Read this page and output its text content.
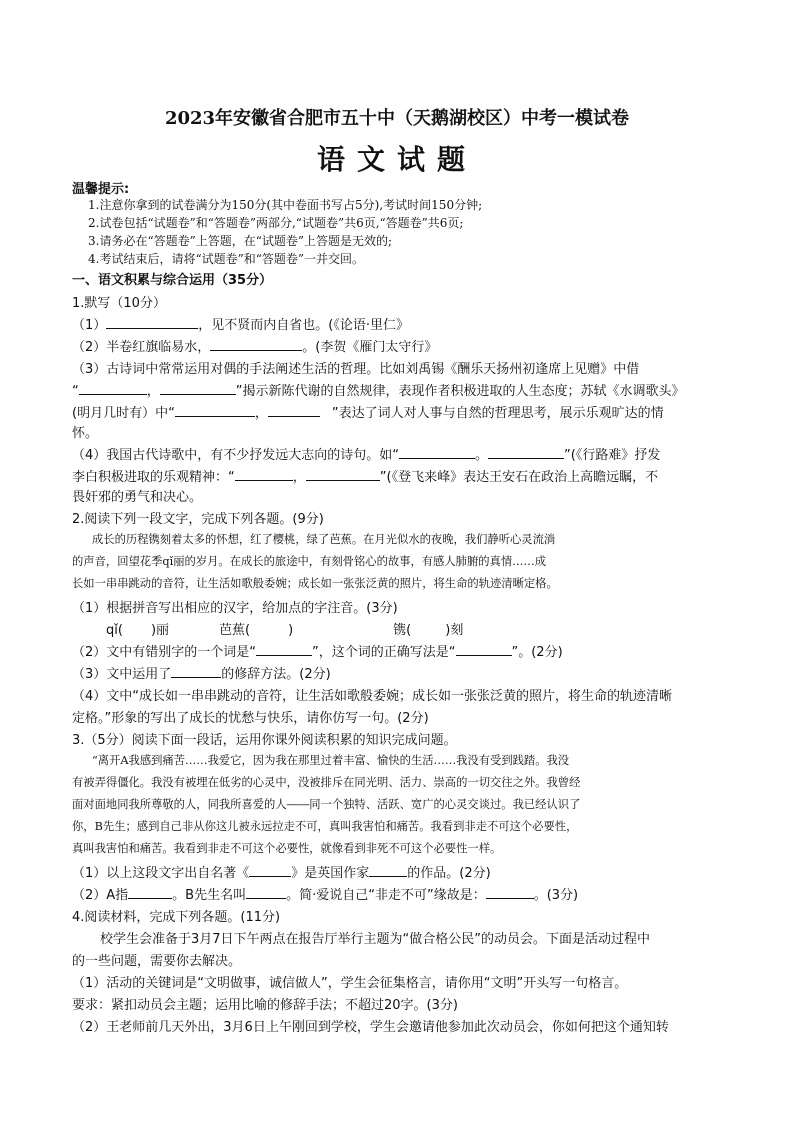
2023年安徽省合肥市五十中（天鹅湖校区）中考一模试卷
语文试题
温馨提示:
1.注意你拿到的试卷满分为150分(其中卷面书写占5分),考试时间150分钟;
2.试卷包括“试题卷”和“答题卷”两部分,“试题卷”共6页,“答题卷”共6页;
3.请务必在“答题卷”上答题，在“试题卷”上答题是无效的;
4.考试结束后，请将“试题卷”和“答题卷”一并交回。
一、语文积累与综合运用（35分）
1.默写（10分）
（1）	，见不贤而内自省也。(《论语·里仁》
（2）半卷红旗临易水，	。(李贺《雁门太守行》
（3）古诗词中常常运用对偶的手法阐述生活的哲理。比如刘禹锡《酬乐天扬州初逢席上见赠》中借
“	，	”揭示新陈代谢的自然规律，表现作者积极进取的人生态度；苏轼《水调歌头》
(明月几时有）中“	，	”表达了词人对人事与自然的哲理思考，展示乐观旷达的情
怀。
（4）我国古代诗歌中，有不少抒发远大志向的诗句。如“	。	”(《行路难》抒发
李白积极进取的乐观精神：“	，	”(《登飞来峰》表达王安石在政治上高瞻远瞩，不
畏奸邪的勇气和决心。
2.阅读下列一段文字，完成下列各题。(9分)
成长的历程镌刻着太多的怀想，红了樱桃，绿了芭蕉。在月光似水的夜晚，我们静听心灵流淌
的声音，回望花季qǐ丽的岁月。在成长的旅途中，有刻骨铭心的故事，有感人肺腑的真情……成
长如一串串跳动的音符，让生活如歌般委婉；成长如一张张泛黄的照片，将生命的轨迹清晰定格。
（1）根据拼音写出相应的汉字，给加点的字注音。(3分)
qǐ( )丽	芭蕉(	)	镌(	)刻
（2）文中有错别字的一个词是“	”，这个词的正确写法是“	”。(2分)
（3）文中运用了	的修辞方法。(2分)
（4）文中“成长如一串串跳动的音符，让生活如歌般委婉；成长如一张张泛黄的照片，将生命的轨迹清晰
定格。”形象的写出了成长的忧愁与快乐，请你仿写一句。(2分)
3.（5分）阅读下面一段话，运用你课外阅读积累的知识完成问题。
“离开A我感到痛苦……我爱它，因为我在那里过着丰富、愉快的生活……我没有受到践踏。我没
有被弄得僵化。我没有被埋在低劣的心灵中，没被排斥在同光明、活力、崇高的一切交往之外。我曾经
面对面地同我所尊敬的人，同我所喜爱的人――同一个独特、活跃、宽广的心灵交谈过。我已经认识了
你，B先生；感到自己非从你这儿被永远拉走不可，真叫我害怕和痛苦。我看到非走不可这个必要性，
真叫我害怕和痛苦。我看到非走不可这个必要性，就像看到非死不可这个必要性一样。
（1）以上这段文字出自名著《	》是英国作家	的作品。(2分)
（2）A指	。B先生名叫	。简·爱说自己“非走不可”缘故是：	。(3分)
4.阅读材料，完成下列各题。(11分)
校学生会准备于3月7日下午两点在报告厅举行主题为“做合格公民”的动员会。下面是活动过程中
的一些问题，需要你去解决。
（1）活动的关键词是“文明做事，诚信做人”，学生会征集格言，请你用“文明”开头写一句格言。
要求：紧扣动员会主题；运用比喻的修辞手法；不超过20字。(3分)
（2）王老师前几天外出，3月6日上午刚回到学校，学生会邀请他参加此次动员会，你如何把这个通知转
